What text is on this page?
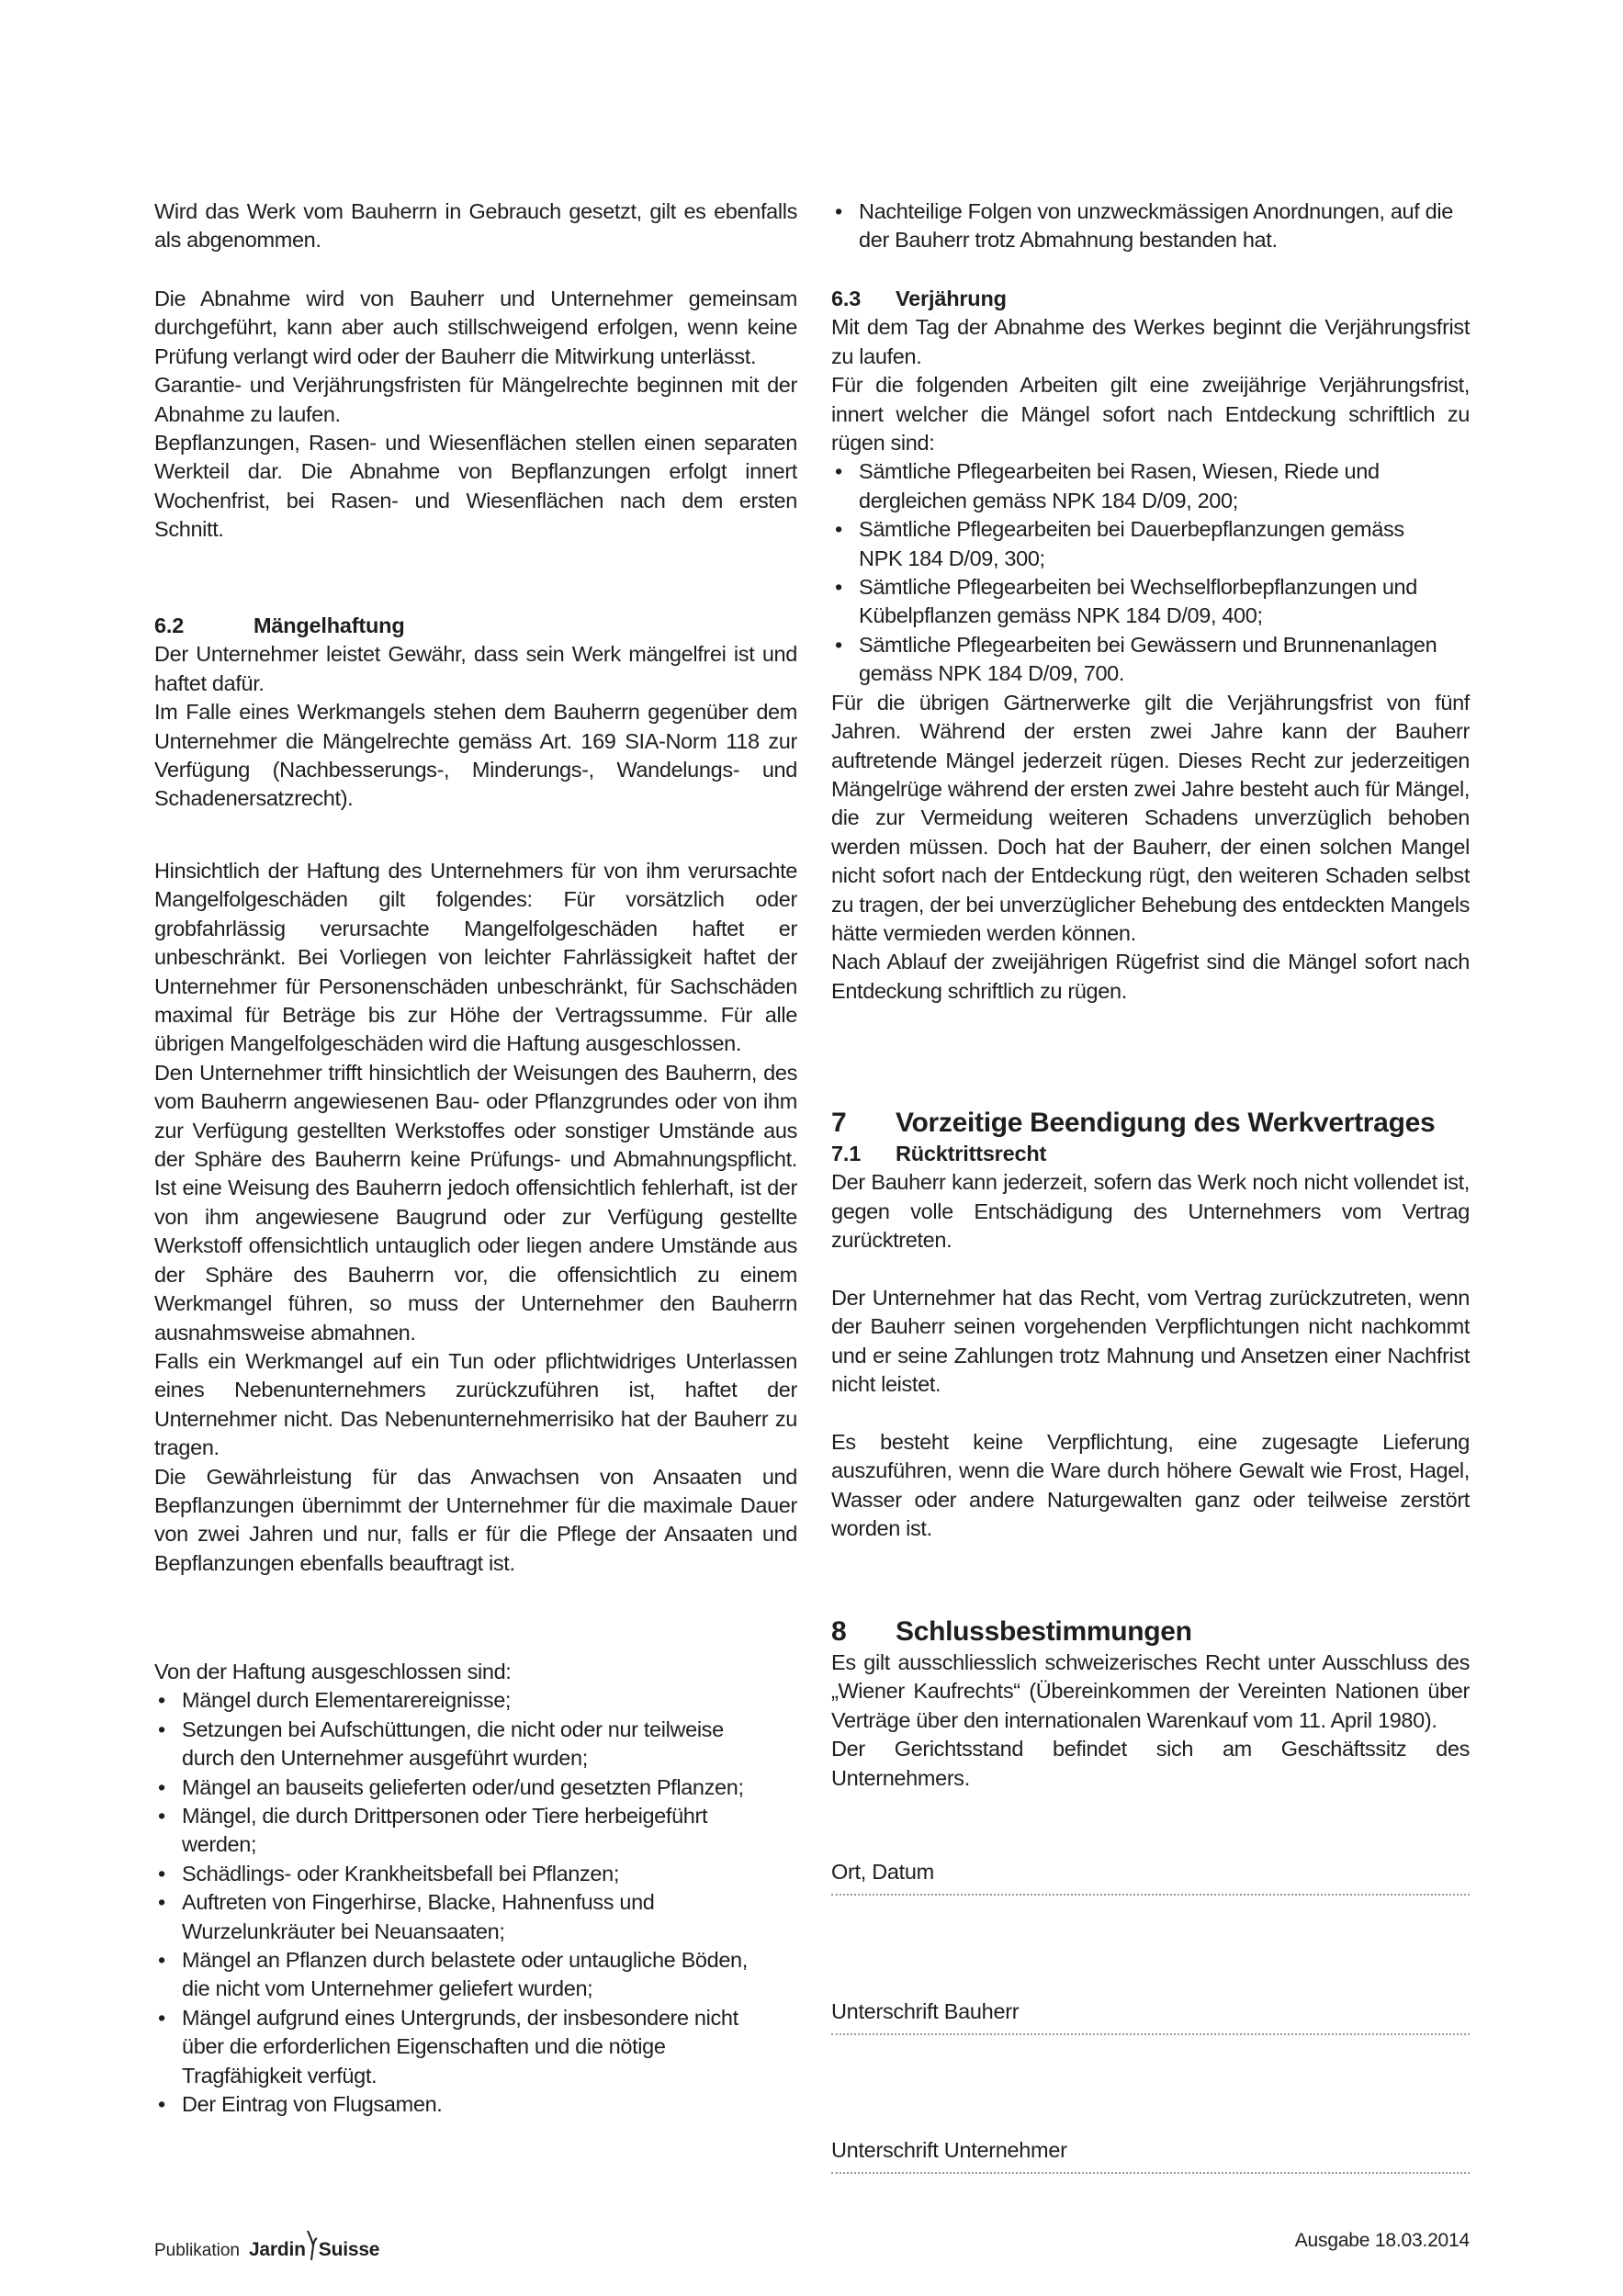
Wird das Werk vom Bauherrn in Gebrauch gesetzt, gilt es ebenfalls als abgenommen.

Die Abnahme wird von Bauherr und Unternehmer gemeinsam durchgeführt, kann aber auch stillschweigend erfolgen, wenn keine Prüfung verlangt wird oder der Bauherr die Mitwirkung unterlässt.

Garantie- und Verjährungsfristen für Mängelrechte beginnen mit der Abnahme zu laufen.

Bepflanzungen, Rasen- und Wiesenflächen stellen einen separaten Werkteil dar. Die Abnahme von Bepflanzungen erfolgt innert Wochenfrist, bei Rasen- und Wiesenflächen nach dem ersten Schnitt.

6.2	Mängelhaftung

Der Unternehmer leistet Gewähr, dass sein Werk mängelfrei ist und haftet dafür.

Im Falle eines Werkmangels stehen dem Bauherrn gegenüber dem Unternehmer die Mängelrechte gemäss Art. 169 SIA-Norm 118 zur Verfügung (Nachbesserungs-, Minderungs-, Wandelungs- und Schadenersatzrecht).

Hinsichtlich der Haftung des Unternehmers für von ihm verursachte Mangelfolgeschäden gilt folgendes: Für vorsätzlich oder grobfahrlässig verursachte Mangelfolgeschäden haftet er unbeschränkt. Bei Vorliegen von leichter Fahrlässigkeit haftet der Unternehmer für Personenschäden unbeschränkt, für Sachschäden maximal für Beträge bis zur Höhe der Vertragssumme. Für alle übrigen Mangelfolgeschäden wird die Haftung ausgeschlossen.

Den Unternehmer trifft hinsichtlich der Weisungen des Bauherrn, des vom Bauherrn angewiesenen Bau- oder Pflanzgrundes oder von ihm zur Verfügung gestellten Werkstoffes oder sonstiger Umstände aus der Sphäre des Bauherrn keine Prüfungs- und Abmahnungspflicht. Ist eine Weisung des Bauherrn jedoch offensichtlich fehlerhaft, ist der von ihm angewiesene Baugrund oder zur Verfügung gestellte Werkstoff offensichtlich untauglich oder liegen andere Umstände aus der Sphäre des Bauherrn vor, die offensichtlich zu einem Werkmangel führen, so muss der Unternehmer den Bauherrn ausnahmsweise abmahnen.

Falls ein Werkmangel auf ein Tun oder pflichtwidriges Unterlassen eines Nebenunternehmers zurückzuführen ist, haftet der Unternehmer nicht. Das Nebenunternehmerrisiko hat der Bauherr zu tragen.

Die Gewährleistung für das Anwachsen von Ansaaten und Bepflanzungen übernimmt der Unternehmer für die maximale Dauer von zwei Jahren und nur, falls er für die Pflege der Ansaaten und Bepflanzungen ebenfalls beauftragt ist.

Von der Haftung ausgeschlossen sind:

• Mängel durch Elementarereignisse;
• Setzungen bei Aufschüttungen, die nicht oder nur teilweise durch den Unternehmer ausgeführt wurden;
• Mängel an bauseits gelieferten oder/und gesetzten Pflanzen;
• Mängel, die durch Drittpersonen oder Tiere herbeigeführt werden;
• Schädlings- oder Krankheitsbefall bei Pflanzen;
• Auftreten von Fingerhirse, Blacke, Hahnenfuss und Wurzelunkräuter bei Neuansaaten;
• Mängel an Pflanzen durch belastete oder untaugliche Böden, die nicht vom Unternehmer geliefert wurden;
• Mängel aufgrund eines Untergrunds, der insbesondere nicht über die erforderlichen Eigenschaften und die nötige Tragfähigkeit verfügt.
• Der Eintrag von Flugsamen.
• Nachteilige Folgen von unzweckmässigen Anordnungen, auf die der Bauherr trotz Abmahnung bestanden hat.
6.3	Verjährung

Mit dem Tag der Abnahme des Werkes beginnt die Verjährungsfrist zu laufen.

Für die folgenden Arbeiten gilt eine zweijährige Verjährungsfrist, innert welcher die Mängel sofort nach Entdeckung schriftlich zu rügen sind:

• Sämtliche Pflegearbeiten bei Rasen, Wiesen, Riede und dergleichen gemäss NPK 184 D/09, 200;
• Sämtliche Pflegearbeiten bei Dauerbepflanzungen gemäss NPK 184 D/09, 300;
• Sämtliche Pflegearbeiten bei Wechselflorbepflanzungen und Kübelpflanzen gemäss NPK 184 D/09, 400;
• Sämtliche Pflegearbeiten bei Gewässern und Brunnenanlagen gemäss NPK 184 D/09, 700.

Für die übrigen Gärtnerwerke gilt die Verjährungsfrist von fünf Jahren. Während der ersten zwei Jahre kann der Bauherr auftretende Mängel jederzeit rügen. Dieses Recht zur jederzeitigen Mängelrüge während der ersten zwei Jahre besteht auch für Mängel, die zur Vermeidung weiteren Schadens unverzüglich behoben werden müssen. Doch hat der Bauherr, der einen solchen Mangel nicht sofort nach der Entdeckung rügt, den weiteren Schaden selbst zu tragen, der bei unverzüglicher Behebung des entdeckten Mangels hätte vermieden werden können.

Nach Ablauf der zweijährigen Rügefrist sind die Mängel sofort nach Entdeckung schriftlich zu rügen.

7	Vorzeitige Beendigung des Werkvertrages
7.1	Rücktrittsrecht

Der Bauherr kann jederzeit, sofern das Werk noch nicht vollendet ist, gegen volle Entschädigung des Unternehmers vom Vertrag zurücktreten.

Der Unternehmer hat das Recht, vom Vertrag zurückzutreten, wenn der Bauherr seinen vorgehenden Verpflichtungen nicht nachkommt und er seine Zahlungen trotz Mahnung und Ansetzen einer Nachfrist nicht leistet.

Es besteht keine Verpflichtung, eine zugesagte Lieferung auszuführen, wenn die Ware durch höhere Gewalt wie Frost, Hagel, Wasser oder andere Naturgewalten ganz oder teilweise zerstört worden ist.

8	Schlussbestimmungen

Es gilt ausschliesslich schweizerisches Recht unter Ausschluss des „Wiener Kaufrechts“ (Übereinkommen der Vereinten Nationen über Verträge über den internationalen Warenkauf vom 11. April 1980).

Der Gerichtsstand befindet sich am Geschäftssitz des Unternehmers.

Ort, Datum
Unterschrift Bauherr
Unterschrift Unternehmer
Publikation Jardin Suisse	Ausgabe 18.03.2014
